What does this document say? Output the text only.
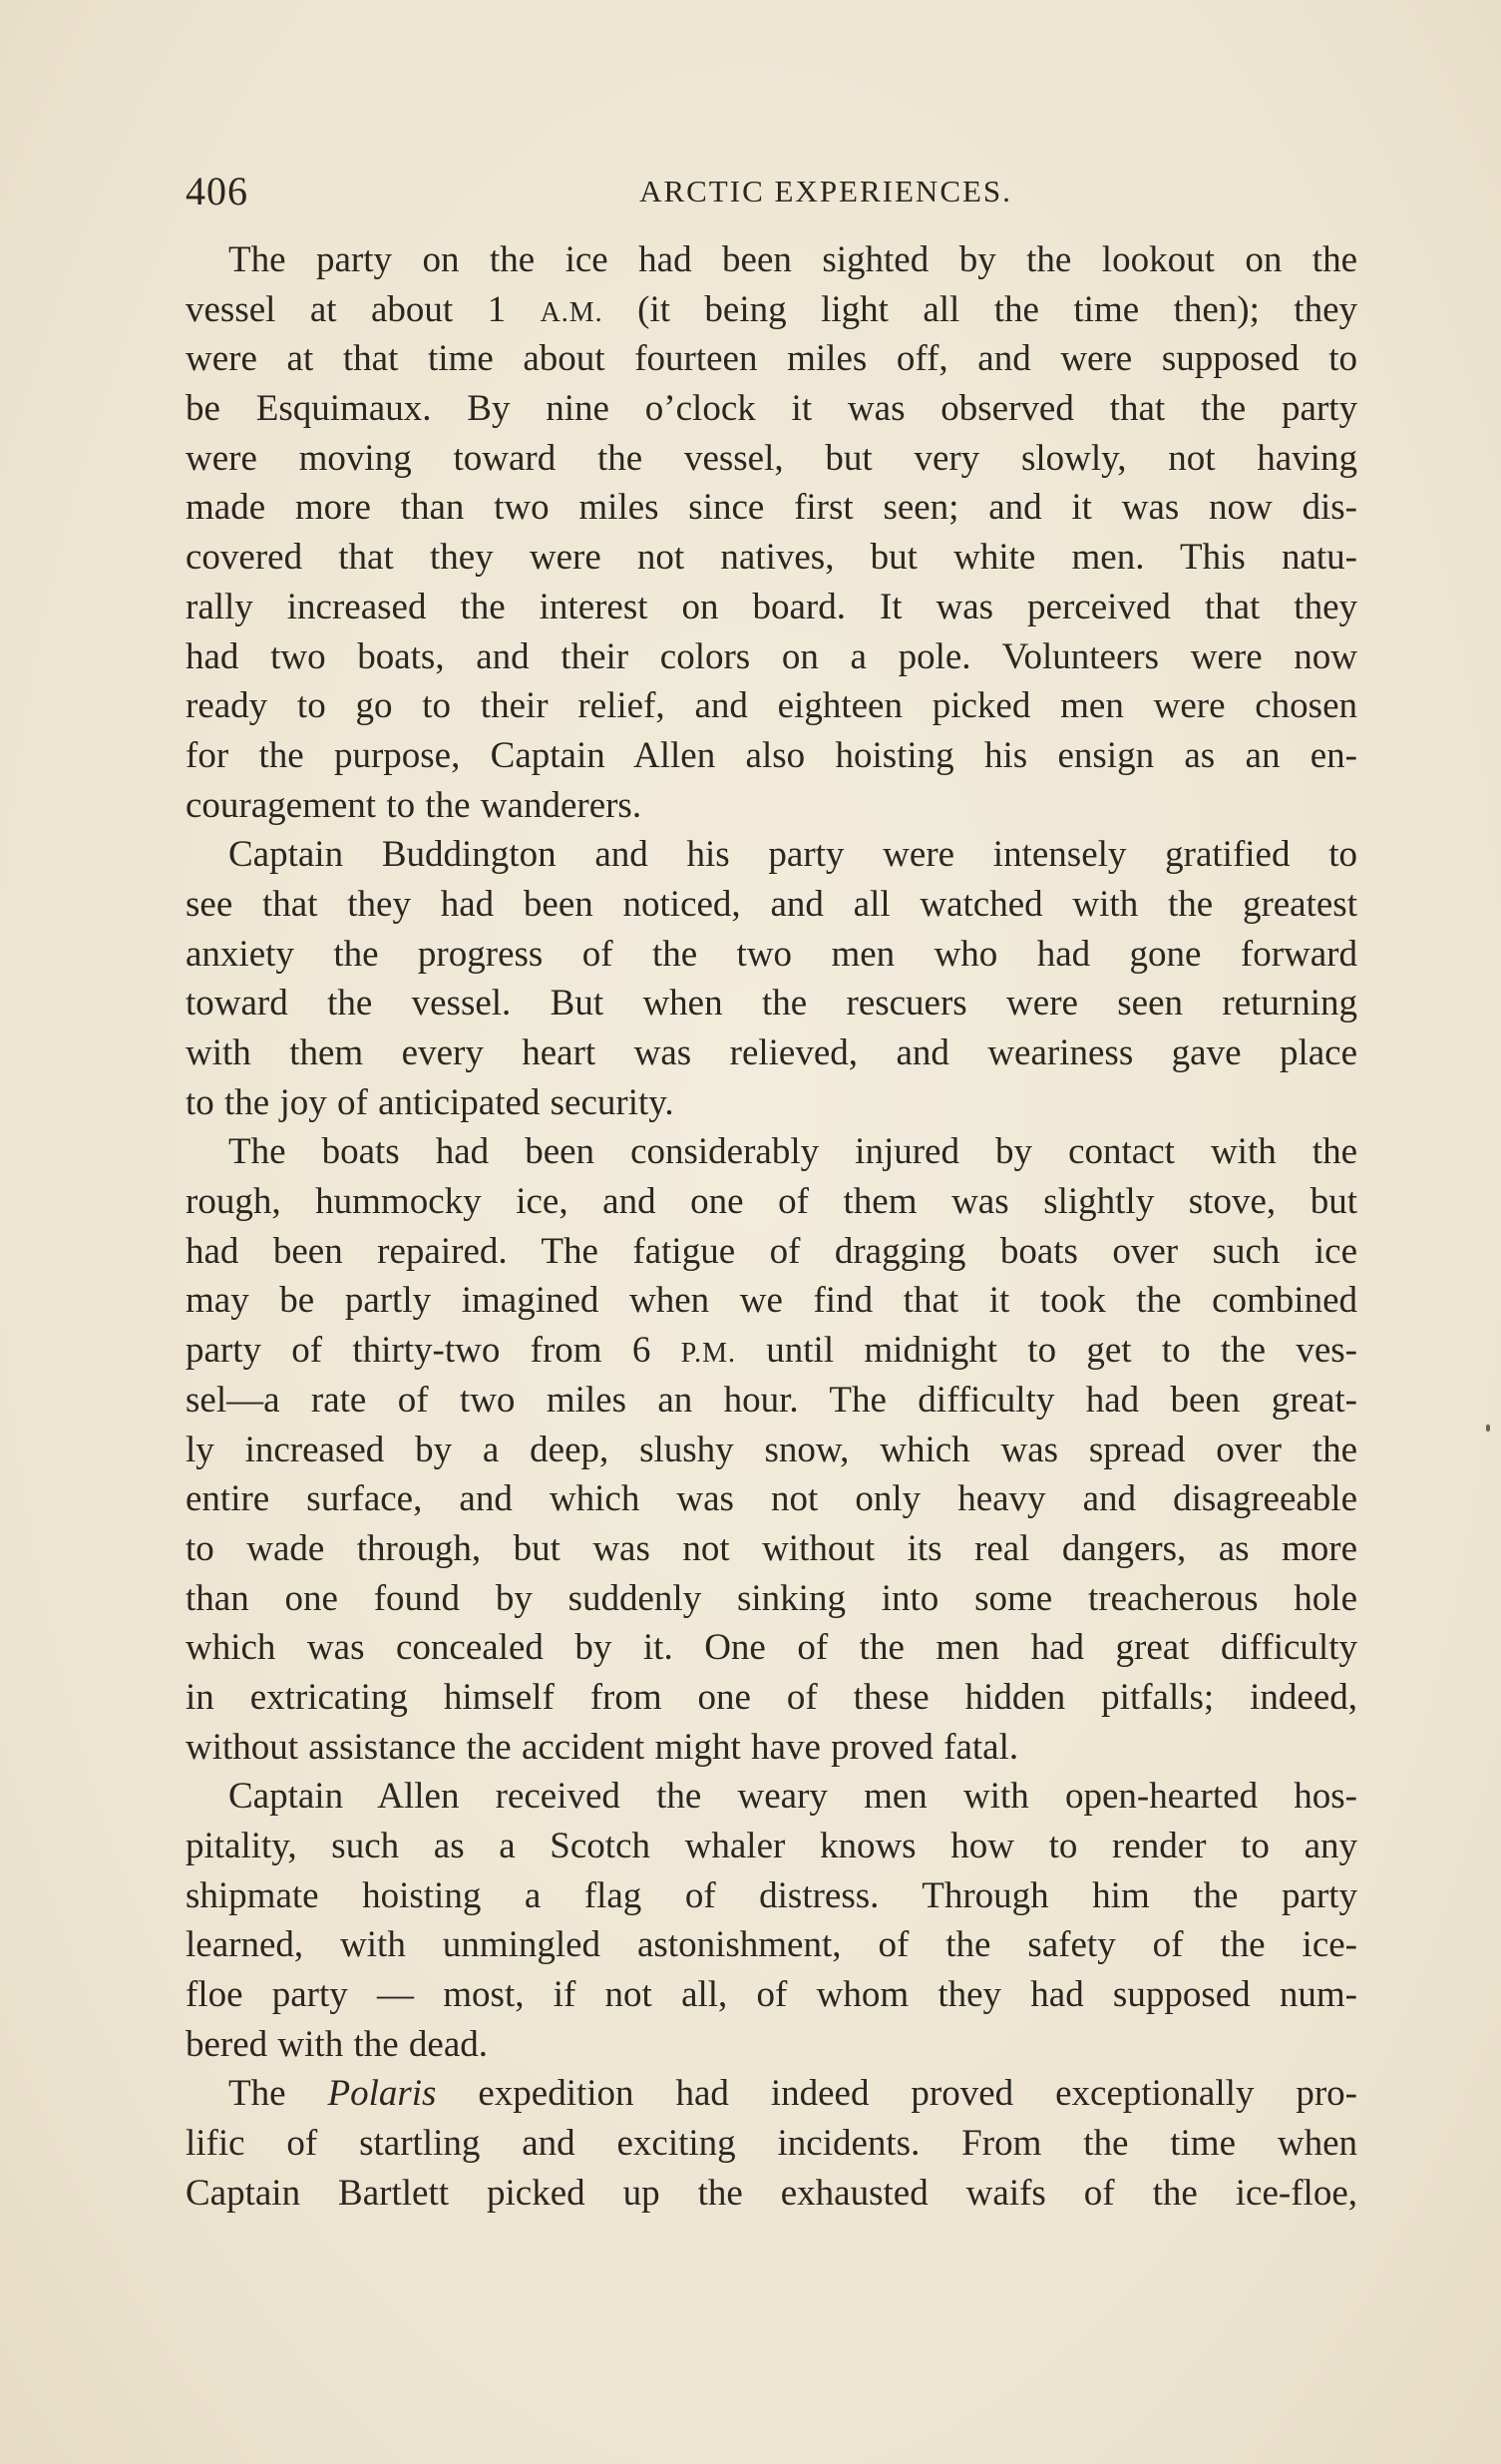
406	ARCTIC EXPERIENCES.
The party on the ice had been sighted by the lookout on the
vessel at about 1 A.M. (it being light all the time then); they
were at that time about fourteen miles off, and were supposed to
be Esquimaux. By nine o’clock it was observed that the party
were moving toward the vessel, but very slowly, not having
made more than two miles since first seen; and it was now dis-
covered that they were not natives, but white men. This natu-
rally increased the interest on board. It was perceived that they
had two boats, and their colors on a pole. Volunteers were now
ready to go to their relief, and eighteen picked men were chosen
for the purpose, Captain Allen also hoisting his ensign as an en-
couragement to the wanderers.
Captain Buddington and his party were intensely gratified to
see that they had been noticed, and all watched with the greatest
anxiety the progress of the two men who had gone forward
toward the vessel. But when the rescuers were seen returning
with them every heart was relieved, and weariness gave place
to the joy of anticipated security.
The boats had been considerably injured by contact with the
rough, hummocky ice, and one of them was slightly stove, but
had been repaired. The fatigue of dragging boats over such ice
may be partly imagined when we find that it took the combined
party of thirty-two from 6 P.M. until midnight to get to the ves-
sel—a rate of two miles an hour. The difficulty had been great-
ly increased by a deep, slushy snow, which was spread over the
entire surface, and which was not only heavy and disagreeable
to wade through, but was not without its real dangers, as more
than one found by suddenly sinking into some treacherous hole
which was concealed by it. One of the men had great difficulty
in extricating himself from one of these hidden pitfalls; indeed,
without assistance the accident might have proved fatal.
Captain Allen received the weary men with open-hearted hos-
pitality, such as a Scotch whaler knows how to render to any
shipmate hoisting a flag of distress. Through him the party
learned, with unmingled astonishment, of the safety of the ice-
floe party — most, if not all, of whom they had supposed num-
bered with the dead.
The Polaris expedition had indeed proved exceptionally pro-
lific of startling and exciting incidents. From the time when
Captain Bartlett picked up the exhausted waifs of the ice-floe,
